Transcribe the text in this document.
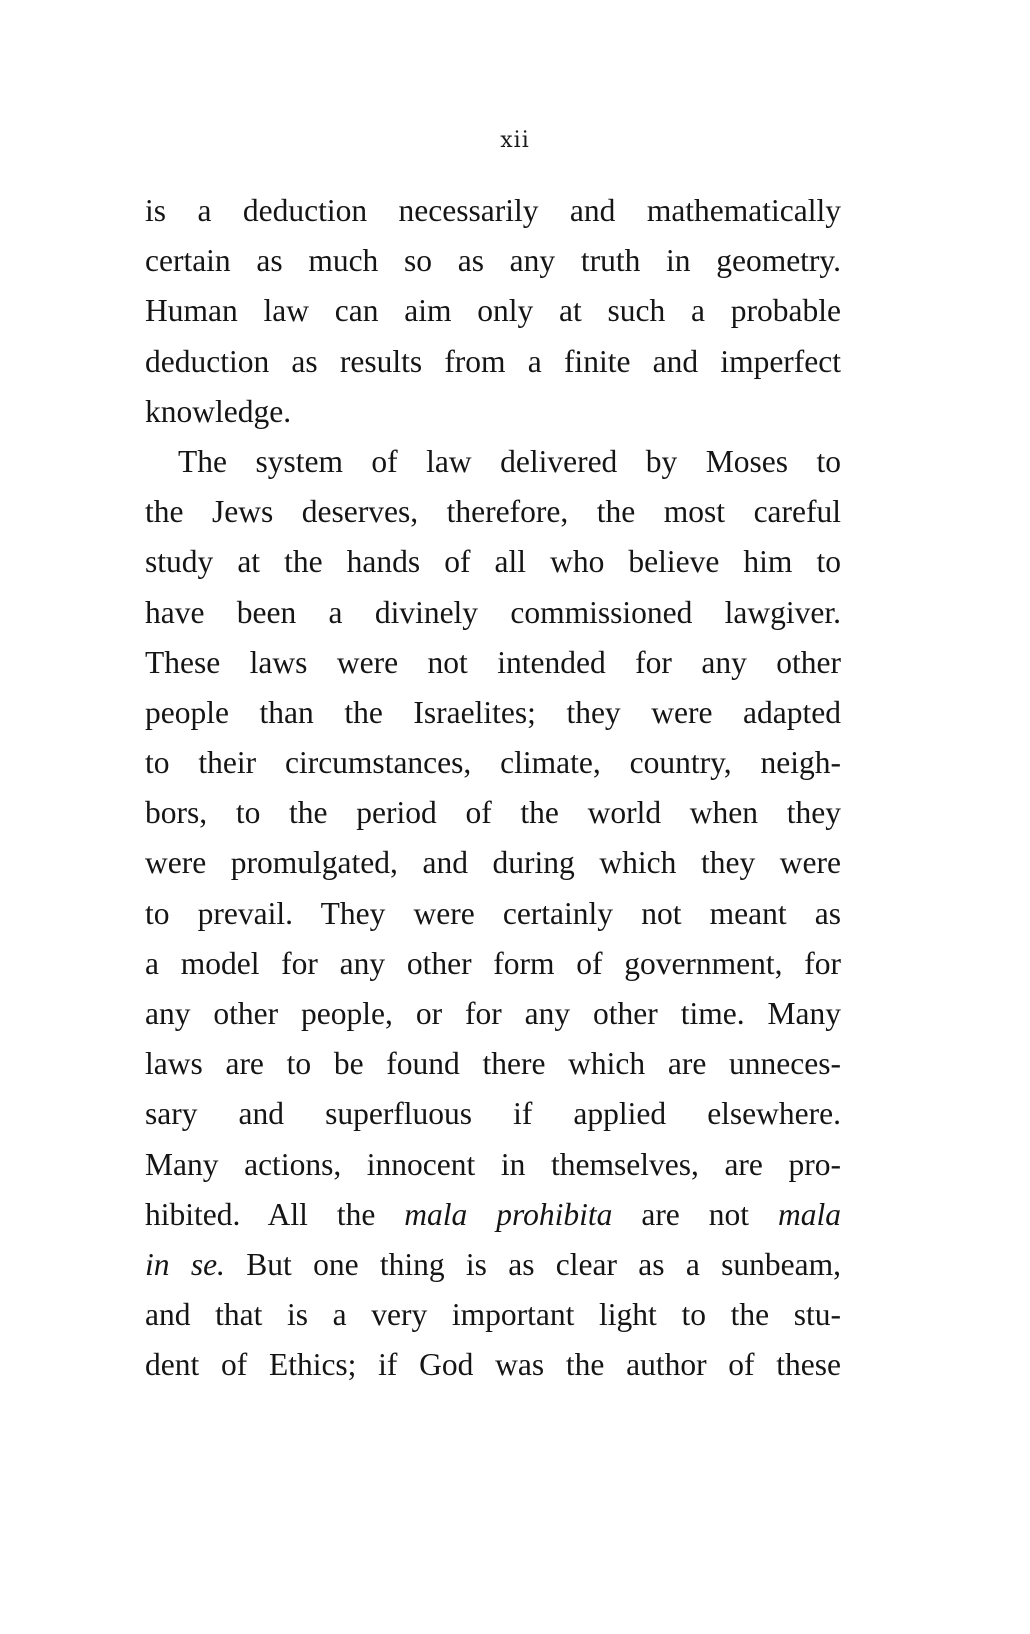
xii
is a deduction necessarily and mathematically
certain as much so as any truth in geometry.
Human law can aim only at such a probable
deduction as results from a finite and imperfect
knowledge.
The system of law delivered by Moses to
the Jews deserves, therefore, the most careful
study at the hands of all who believe him to
have been a divinely commissioned lawgiver.
These laws were not intended for any other
people than the Israelites; they were adapted
to their circumstances, climate, country, neigh-
bors, to the period of the world when they
were promulgated, and during which they were
to prevail. They were certainly not meant as
a model for any other form of government, for
any other people, or for any other time. Many
laws are to be found there which are unneces-
sary and superfluous if applied elsewhere.
Many actions, innocent in themselves, are pro-
hibited. All the mala prohibita are not mala
in se. But one thing is as clear as a sunbeam,
and that is a very important light to the stu-
dent of Ethics; if God was the author of these
